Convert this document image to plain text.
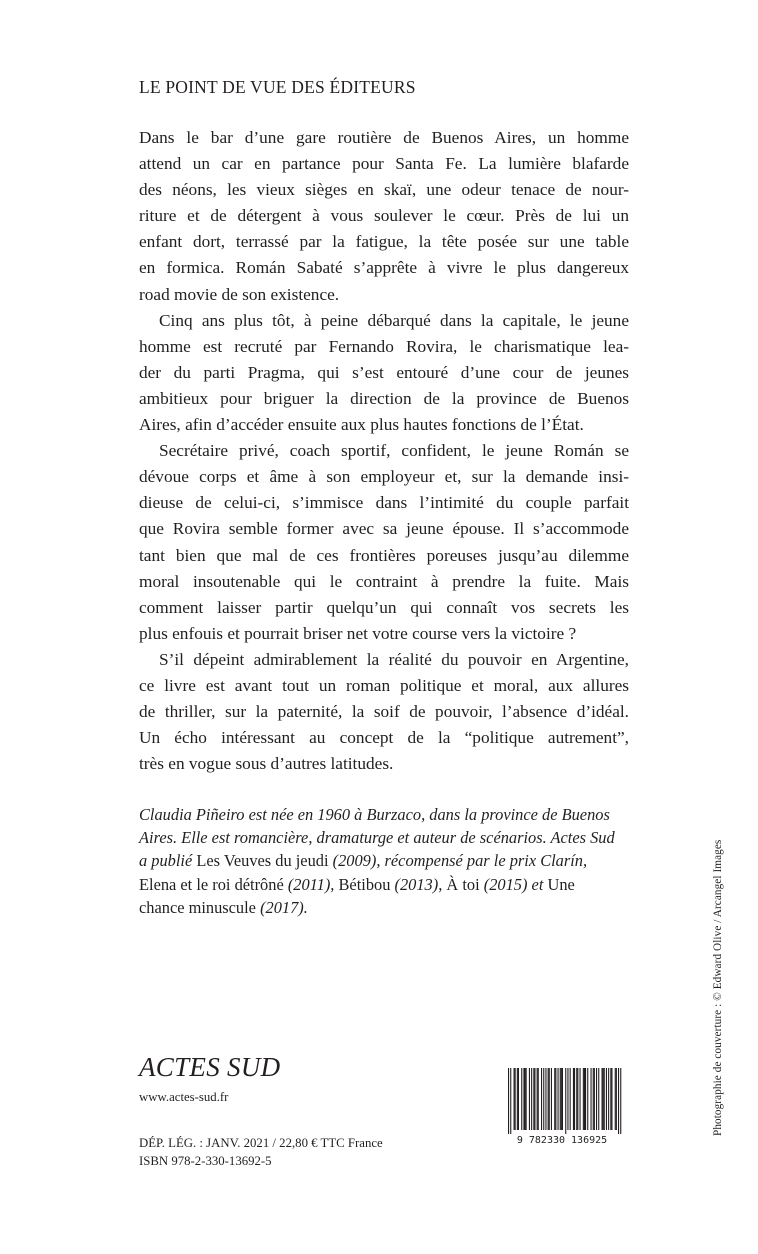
LE POINT DE VUE DES ÉDITEURS
Dans le bar d’une gare routière de Buenos Aires, un homme
attend un car en partance pour Santa Fe. La lumière blafarde
des néons, les vieux sièges en skaï, une odeur tenace de nour-
riture et de détergent à vous soulever le cœur. Près de lui un
enfant dort, terrassé par la fatigue, la tête posée sur une table
en formica. Román Sabaté s’apprête à vivre le plus dangereux
road movie de son existence.
Cinq ans plus tôt, à peine débarqué dans la capitale, le jeune
homme est recruté par Fernando Rovira, le charismatique lea-
der du parti Pragma, qui s’est entouré d’une cour de jeunes
ambitieux pour briguer la direction de la province de Buenos
Aires, afin d’accéder ensuite aux plus hautes fonctions de l’État.
Secrétaire privé, coach sportif, confident, le jeune Román se
dévoue corps et âme à son employeur et, sur la demande insi-
dieuse de celui-ci, s’immisce dans l’intimité du couple parfait
que Rovira semble former avec sa jeune épouse. Il s’accommode
tant bien que mal de ces frontières poreuses jusqu’au dilemme
moral insoutenable qui le contraint à prendre la fuite. Mais
comment laisser partir quelqu’un qui connaît vos secrets les
plus enfouis et pourrait briser net votre course vers la victoire ?
S’il dépeint admirablement la réalité du pouvoir en Argentine,
ce livre est avant tout un roman politique et moral, aux allures
de thriller, sur la paternité, la soif de pouvoir, l’absence d’idéal.
Un écho intéressant au concept de la “politique autrement”,
très en vogue sous d’autres latitudes.
Claudia Piñeiro est née en 1960 à Burzaco, dans la province de Buenos
Aires. Elle est romancière, dramaturge et auteur de scénarios. Actes Sud
a publié Les Veuves du jeudi (2009), récompensé par le prix Clarín,
Elena et le roi détrôné (2011), Bétibou (2013), À toi (2015) et Une
chance minuscule (2017).
ACTES SUD
www.actes-sud.fr
DÉP. LÉG. : JANV. 2021 / 22,80 € TTC France
ISBN 978-2-330-13692-5
9 782330 136925
Photographie de couverture : © Edward Olive / Arcangel Images
